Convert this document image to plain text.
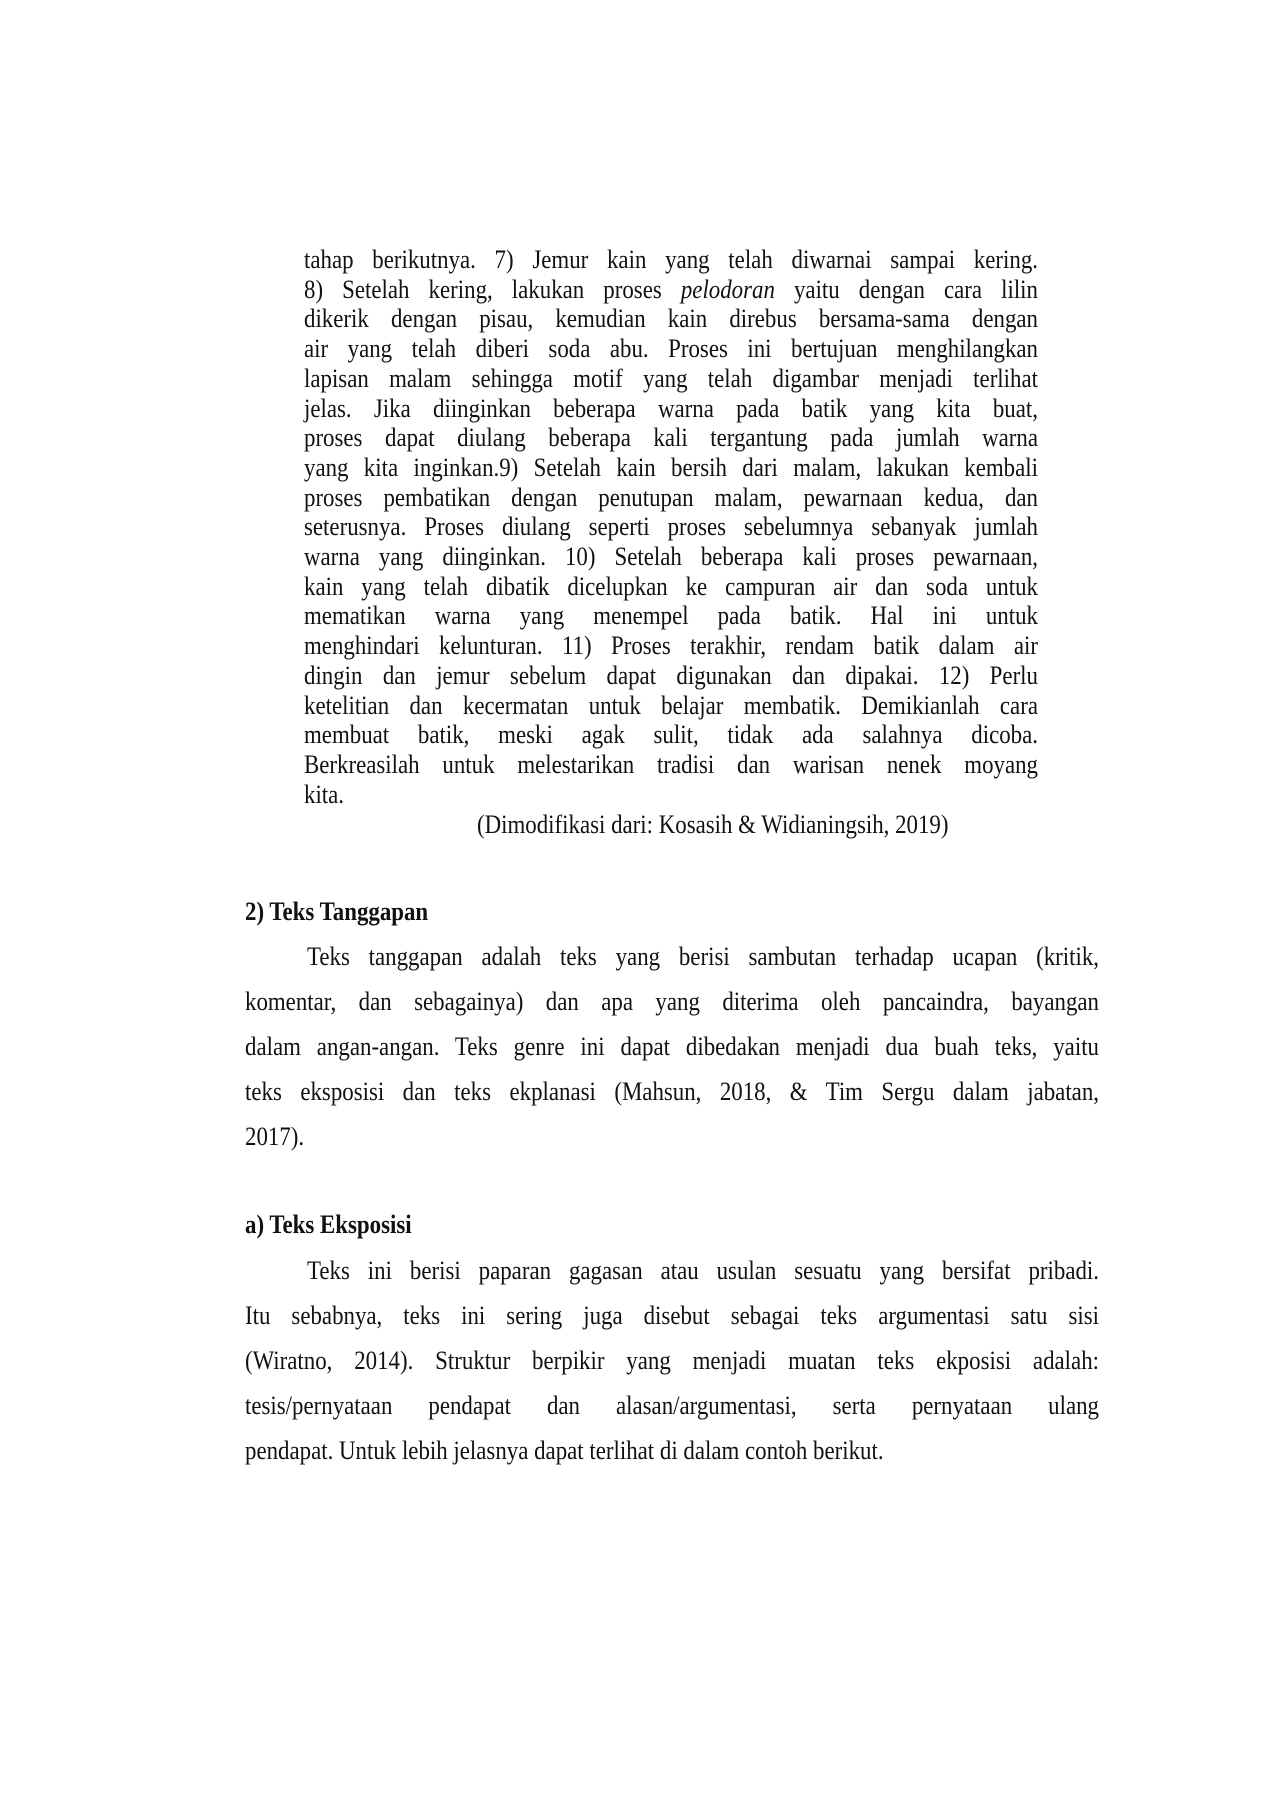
tahap berikutnya. 7) Jemur kain yang telah diwarnai sampai kering.
8) Setelah kering, lakukan proses pelodoran yaitu dengan cara lilin
dikerik dengan pisau, kemudian kain direbus bersama-sama dengan
air yang telah diberi soda abu. Proses ini bertujuan menghilangkan
lapisan malam sehingga motif yang telah digambar menjadi terlihat
jelas. Jika diinginkan beberapa warna pada batik yang kita buat,
proses dapat diulang beberapa kali tergantung pada jumlah warna
yang kita inginkan.9) Setelah kain bersih dari malam, lakukan kembali
proses pembatikan dengan penutupan malam, pewarnaan kedua, dan
seterusnya. Proses diulang seperti proses sebelumnya sebanyak jumlah
warna yang diinginkan. 10) Setelah beberapa kali proses pewarnaan,
kain yang telah dibatik dicelupkan ke campuran air dan soda untuk
mematikan warna yang menempel pada batik. Hal ini untuk
menghindari kelunturan. 11) Proses terakhir, rendam batik dalam air
dingin dan jemur sebelum dapat digunakan dan dipakai. 12) Perlu
ketelitian dan kecermatan untuk belajar membatik. Demikianlah cara
membuat batik, meski agak sulit, tidak ada salahnya dicoba.
Berkreasilah untuk melestarikan tradisi dan warisan nenek moyang
kita.
(Dimodifikasi dari: Kosasih & Widianingsih, 2019)
2) Teks Tanggapan
Teks tanggapan adalah teks yang berisi sambutan terhadap ucapan (kritik,
komentar, dan sebagainya) dan apa yang diterima oleh pancaindra, bayangan
dalam angan-angan. Teks genre ini dapat dibedakan menjadi dua buah teks, yaitu
teks eksposisi dan teks ekplanasi (Mahsun, 2018, & Tim Sergu dalam jabatan,
2017).
a) Teks Eksposisi
Teks ini berisi paparan gagasan atau usulan sesuatu yang bersifat pribadi.
Itu sebabnya, teks ini sering juga disebut sebagai teks argumentasi satu sisi
(Wiratno, 2014). Struktur berpikir yang menjadi muatan teks ekposisi adalah:
tesis/pernyataan pendapat dan alasan/argumentasi, serta pernyataan ulang
pendapat. Untuk lebih jelasnya dapat terlihat di dalam contoh berikut.
